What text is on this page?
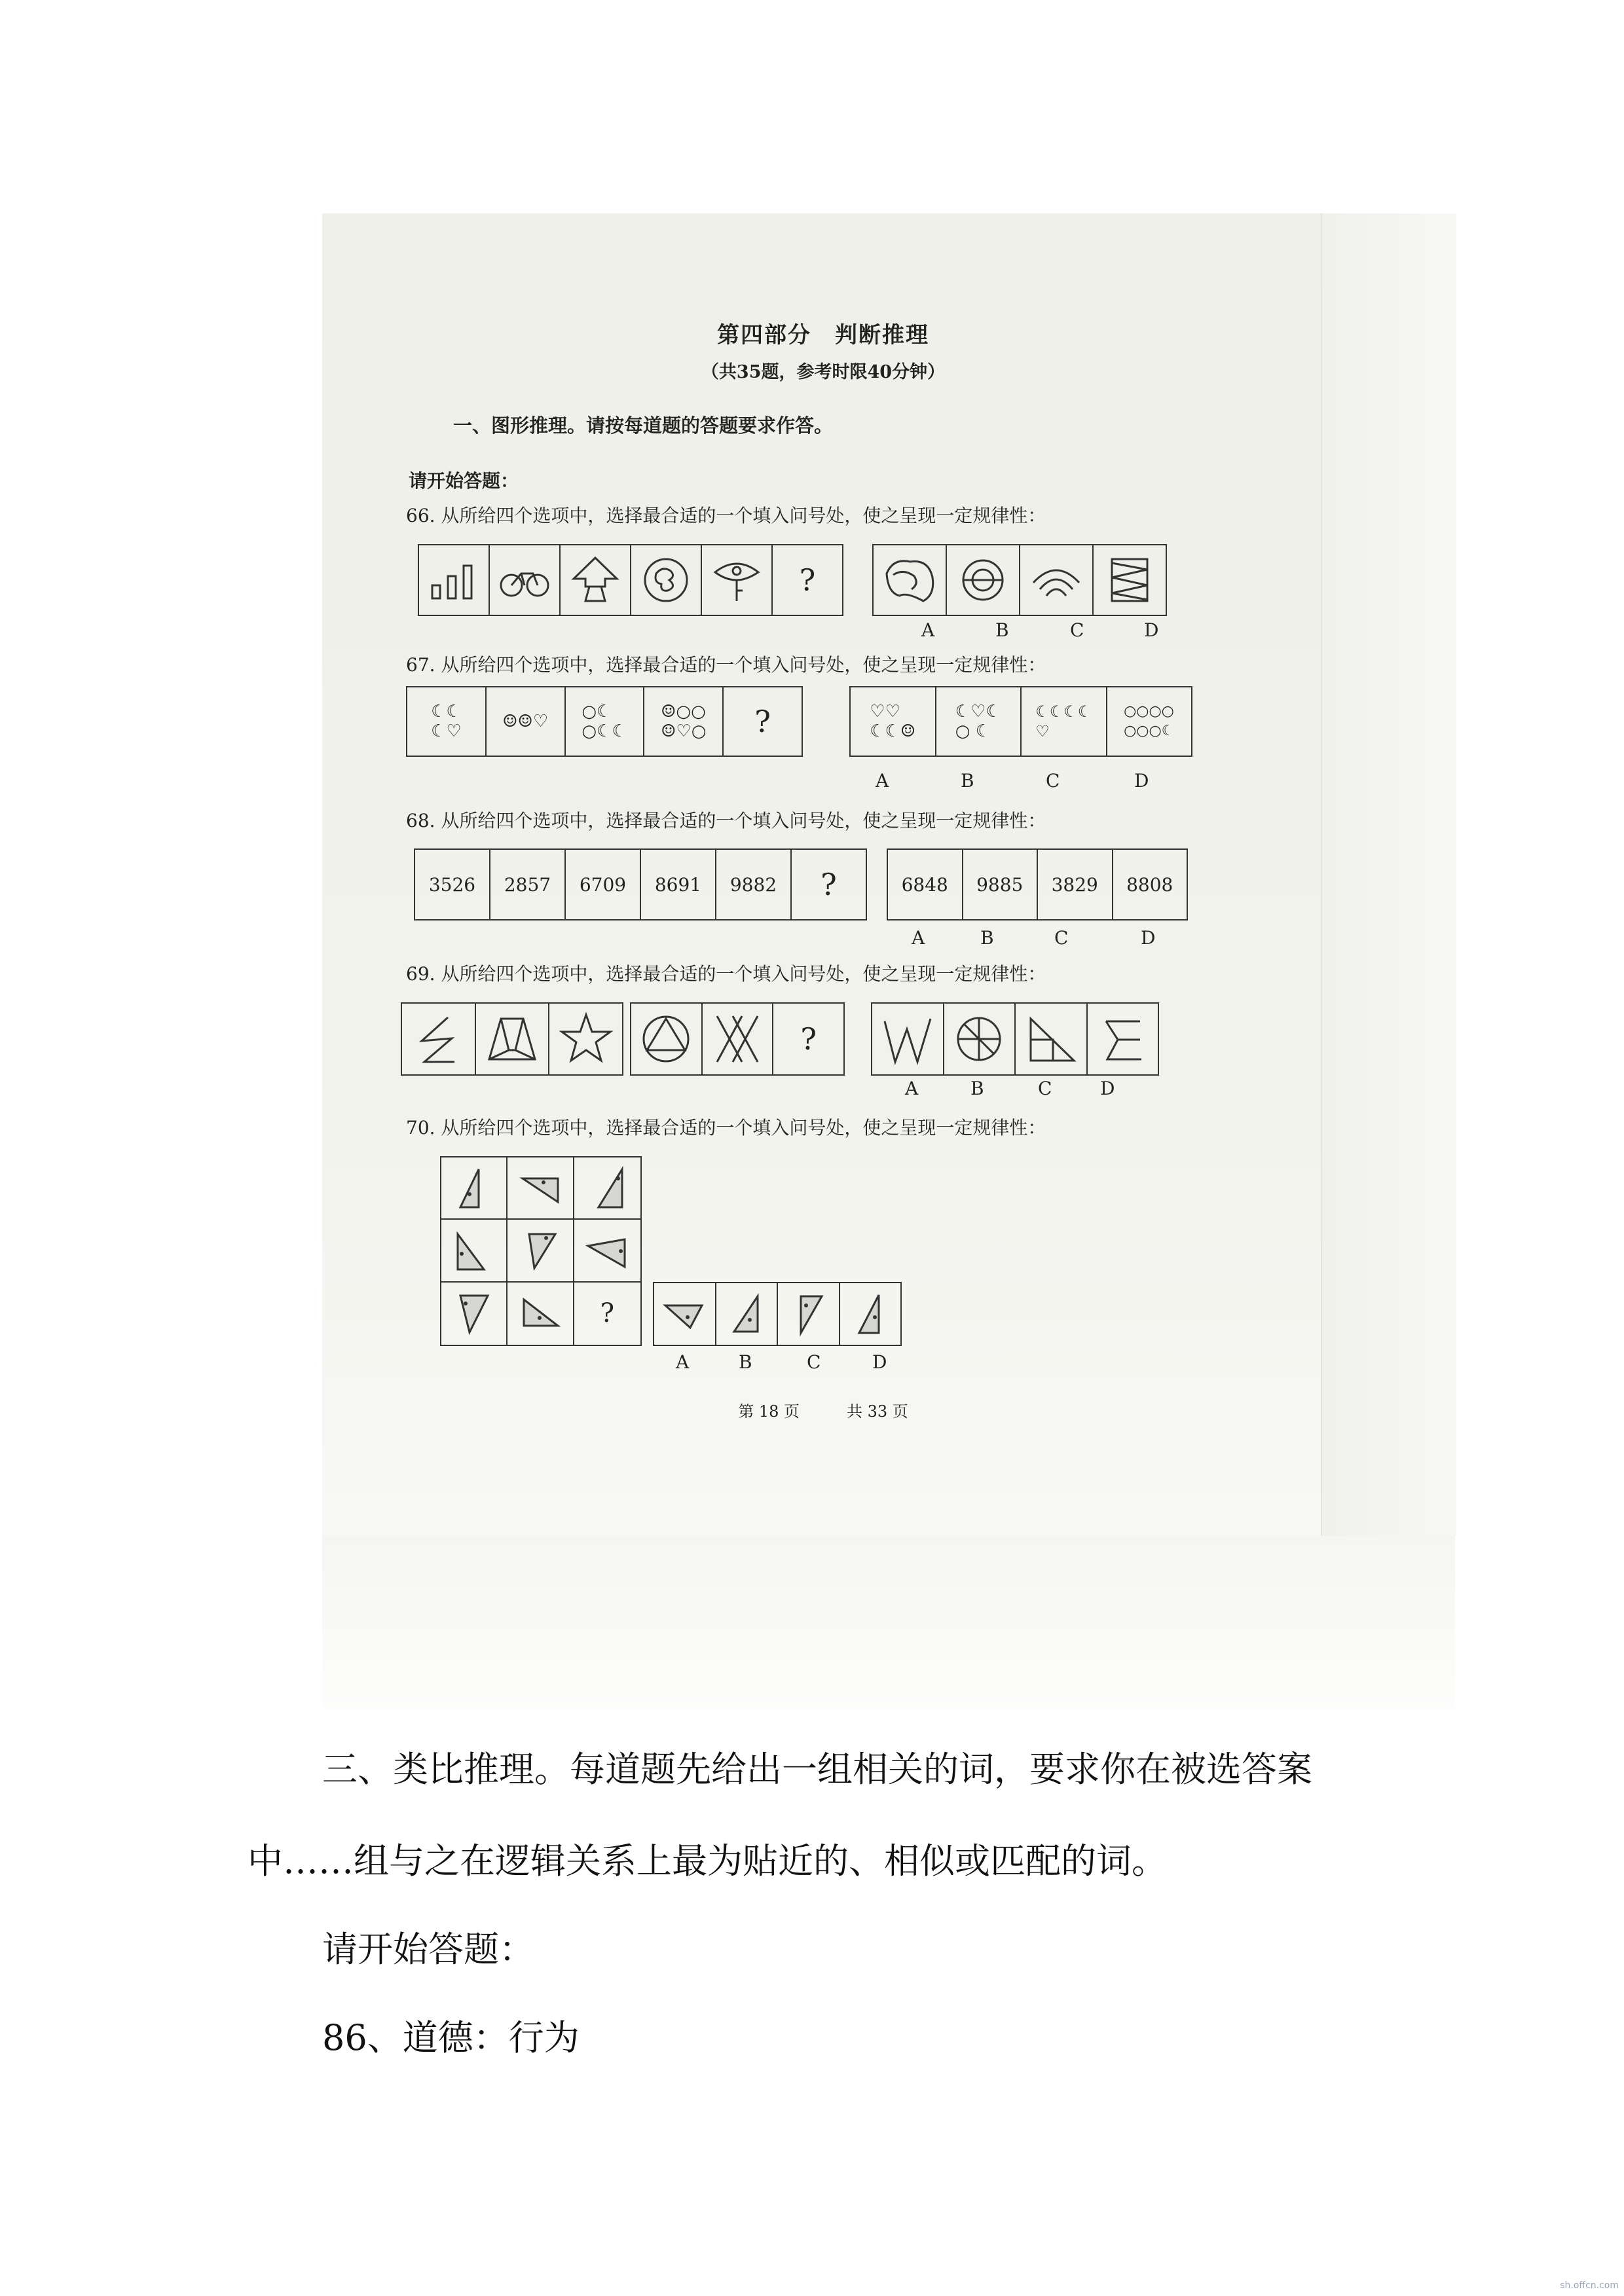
第四部分　判断推理
（共35题，参考时限40分钟）
一、图形推理。请按每道题的答题要求作答。
请开始答题：
66. 从所给四个选项中，选择最合适的一个填入问号处，使之呈现一定规律性：
?
A	B	C	D
67. 从所给四个选项中，选择最合适的一个填入问号处，使之呈现一定规律性：
☾☾
☾♡ ☺☺♡ ○☾
○☾☾
☺○○
☺♡○ ?	♡♡
☾☾☺
☾♡☾
○ ☾
☾☾☾☾
♡
○○○○
○○○☾
A	B	C	D
68. 从所给四个选项中，选择最合适的一个填入问号处，使之呈现一定规律性：
3526 2857 6709 8691 9882 ?	6848 9885 3829 8808
A	B	C	D
69. 从所给四个选项中，选择最合适的一个填入问号处，使之呈现一定规律性：
?
A	B	C	D
70. 从所给四个选项中，选择最合适的一个填入问号处，使之呈现一定规律性：
?
A	B	C	D
第 18 页　　　共 33 页
三、类比推理。每道题先给出一组相关的词，要求你在被选答案
中……组与之在逻辑关系上最为贴近的、相似或匹配的词。
请开始答题：
86、道德：行为
sh.offcn.com
